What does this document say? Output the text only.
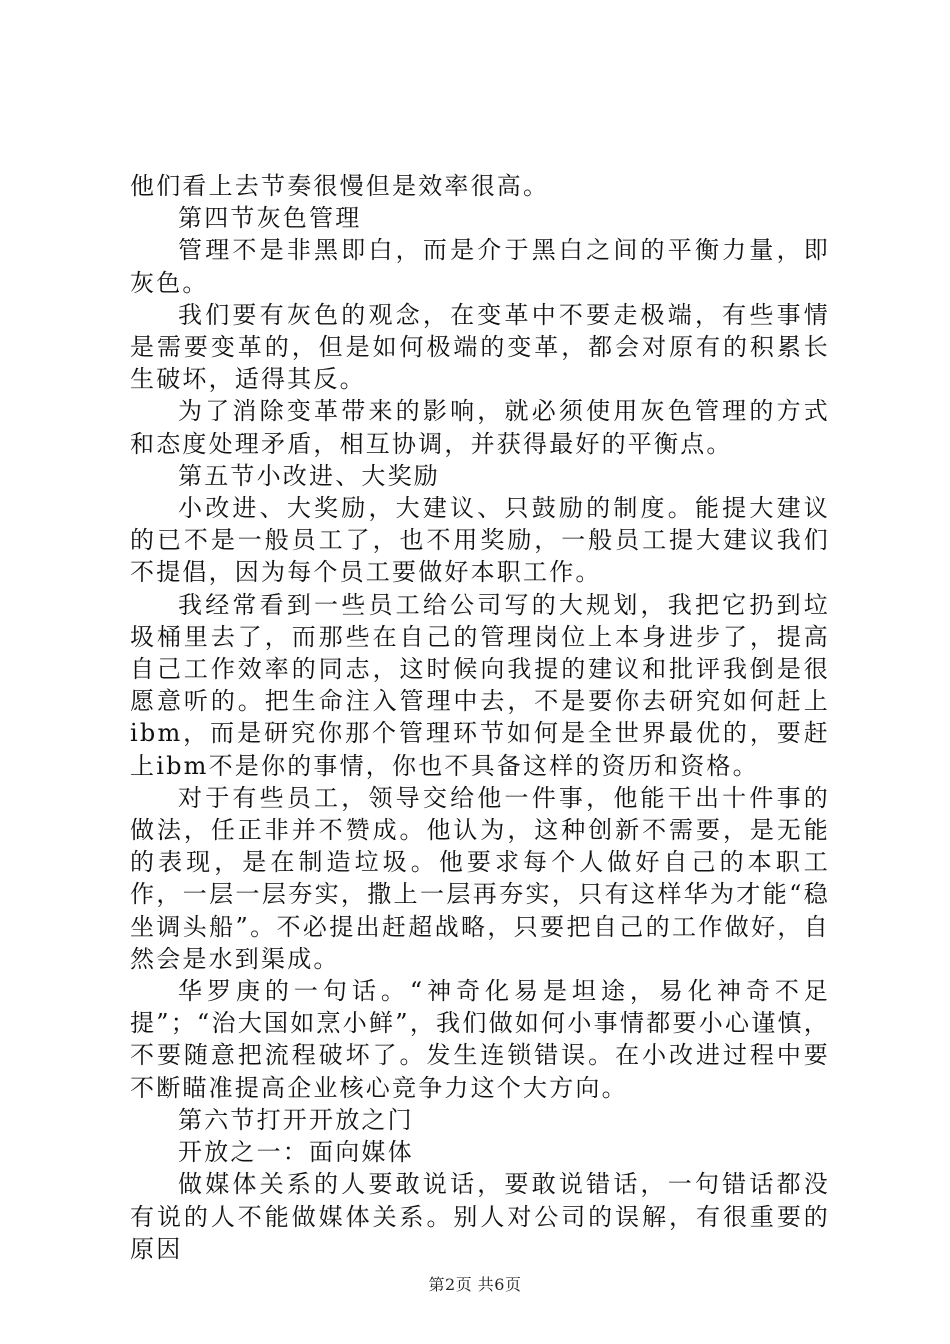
他们看上去节奏很慢但是效率很高。

第四节灰色管理

管理不是非黑即白，而是介于黑白之间的平衡力量，即灰色。

我们要有灰色的观念，在变革中不要走极端，有些事情是需要变革的，但是如何极端的变革，都会对原有的积累长生破坏，适得其反。

为了消除变革带来的影响，就必须使用灰色管理的方式和态度处理矛盾，相互协调，并获得最好的平衡点。

第五节小改进、大奖励

小改进、大奖励，大建议、只鼓励的制度。能提大建议的已不是一般员工了，也不用奖励，一般员工提大建议我们不提倡，因为每个员工要做好本职工作。

我经常看到一些员工给公司写的大规划，我把它扔到垃圾桶里去了，而那些在自己的管理岗位上本身进步了，提高自己工作效率的同志，这时候向我提的建议和批评我倒是很愿意听的。把生命注入管理中去，不是要你去研究如何赶上ibm，而是研究你那个管理环节如何是全世界最优的，要赶上ibm不是你的事情，你也不具备这样的资历和资格。

对于有些员工，领导交给他一件事，他能干出十件事的做法，任正非并不赞成。他认为，这种创新不需要，是无能的表现，是在制造垃圾。他要求每个人做好自己的本职工作，一层一层夯实，撒上一层再夯实，只有这样华为才能“稳坐调头船”。不必提出赶超战略，只要把自己的工作做好，自然会是水到渠成。

华罗庚的一句话。“神奇化易是坦途，易化神奇不足提”；“治大国如烹小鲜”，我们做如何小事情都要小心谨慎，不要随意把流程破坏了。发生连锁错误。在小改进过程中要不断瞄准提高企业核心竞争力这个大方向。

第六节打开开放之门

开放之一：面向媒体

做媒体关系的人要敢说话，要敢说错话，一句错话都没有说的人不能做媒体关系。别人对公司的误解，有很重要的原因

第2页 共6页
